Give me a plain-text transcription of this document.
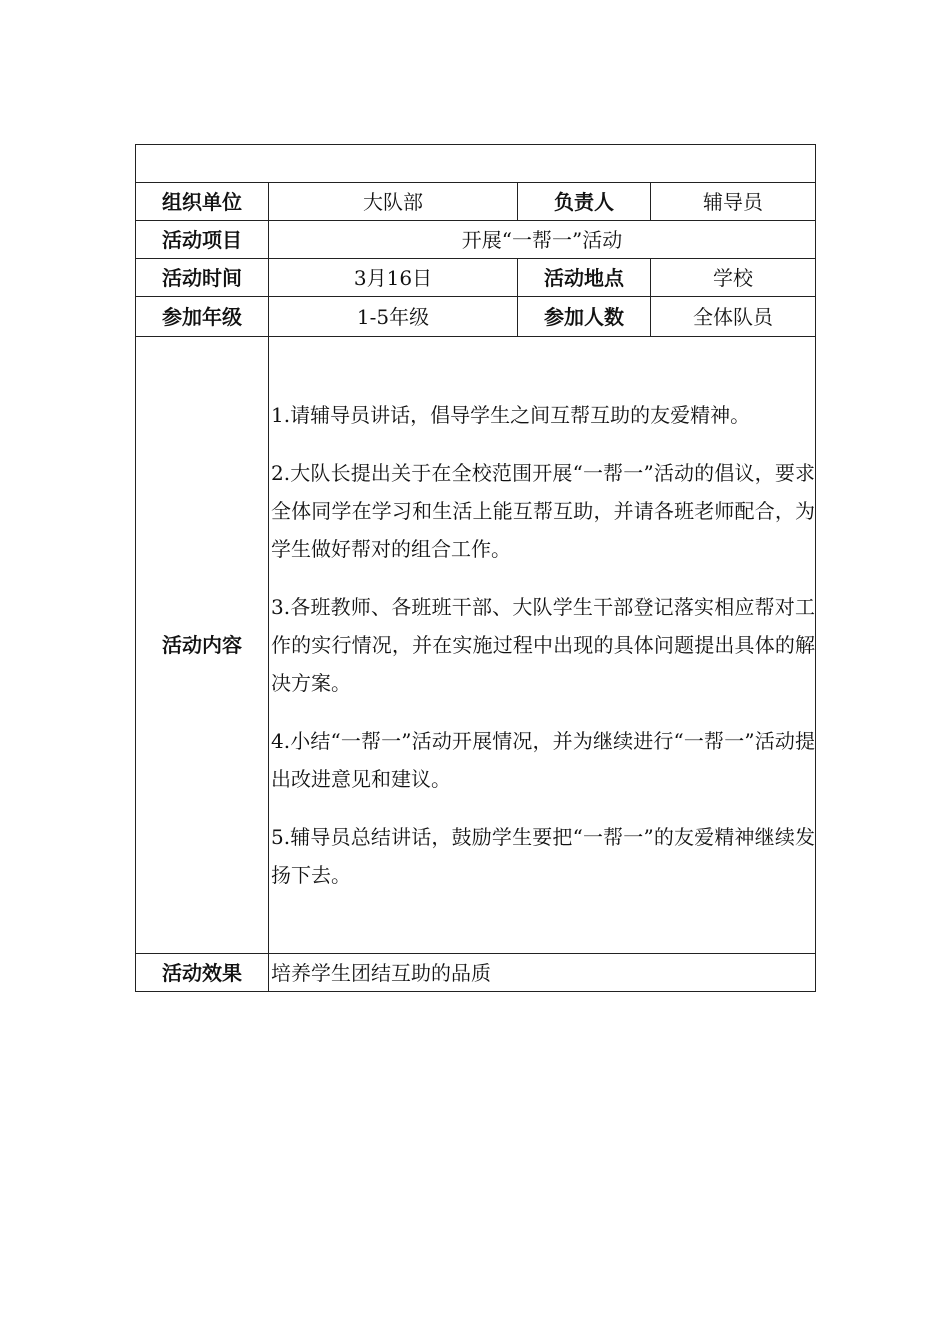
组织单位	大队部	负责人	辅导员
活动项目	开展“一帮一”活动		
活动时间	3月16日	活动地点	学校
参加年级	1-5年级	参加人数	全体队员
活动内容	1.请辅导员讲话，倡导学生之间互帮互助的友爱精神。

2.大队长提出关于在全校范围开展“一帮一”活动的倡议，要求全体同学在学习和生活上能互帮互助，并请各班老师配合，为学生做好帮对的组合工作。

3.各班教师、各班班干部、大队学生干部登记落实相应帮对工作的实行情况，并在实施过程中出现的具体问题提出具体的解决方案。

4.小结“一帮一”活动开展情况，并为继续进行“一帮一”活动提出改进意见和建议。

5.辅导员总结讲话，鼓励学生要把“一帮一”的友爱精神继续发扬下去。		

活动效果	培养学生团结互助的品质		
